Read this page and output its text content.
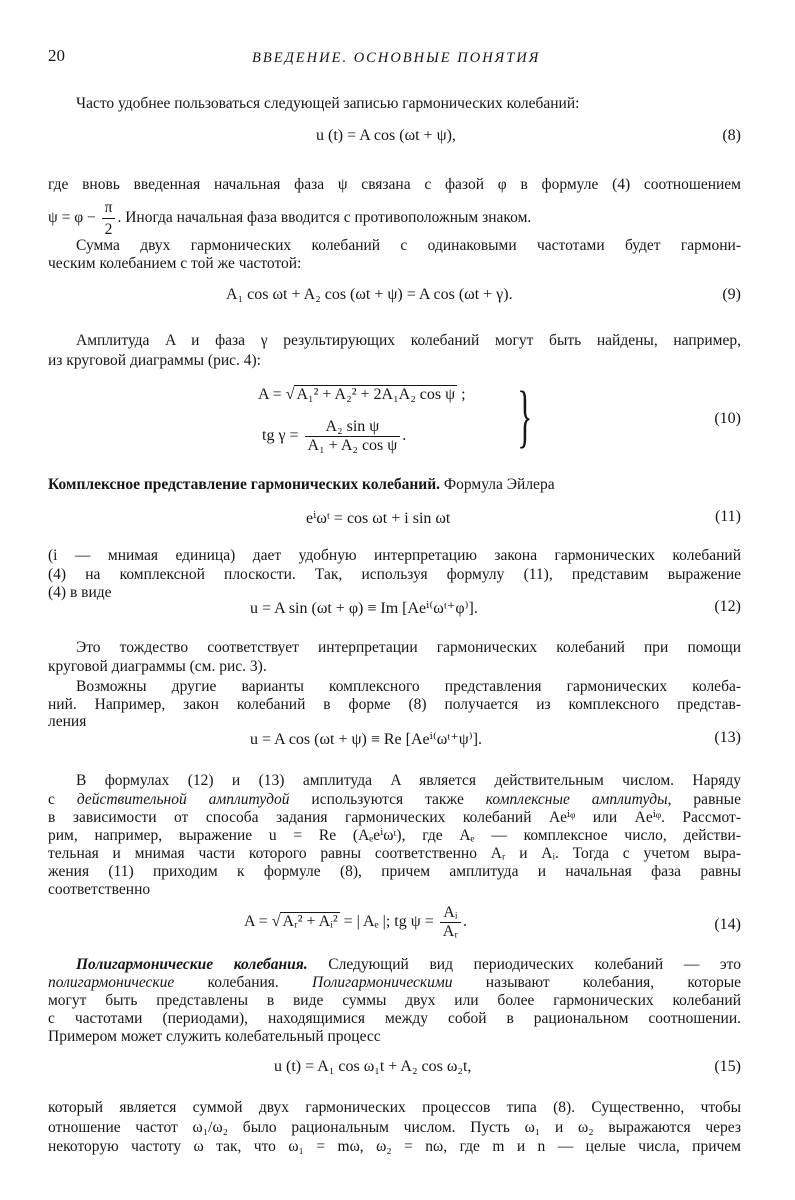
20	ВВЕДЕНИЕ. ОСНОВНЫЕ ПОНЯТИЯ
Часто удобнее пользоваться следующей записью гармонических колебаний:
u (t) = A cos (ωt + ψ),	(8)
где вновь введенная начальная фаза ψ связана с фазой φ в формуле (4) соотношением
$\psi = \varphi - \frac{\pi}{2}$ . Иногда начальная фаза вводится с противоположным знаком.
Сумма двух гармонических колебаний с одинаковыми частотами будет гармони-
ческим колебанием с той же частотой:
A₁ cos ωt + A₂ cos (ωt + ψ) = A cos (ωt + γ).	(9)
Амплитуда A и фаза γ результирующих колебаний могут быть найдены, например,
из круговой диаграммы (рис. 4):
A = √ A₁² + A₂² + 2A₁A₂ cos ψ ;
tg $\gamma = \frac{\text{A₂ sin ψ}}{\text{A₁ + A₂ cos ψ}}$ . }	(10)
Комплексное представление гармонических колебаний. Формула Эйлера
eⁱωᵗ = cos ωt + i sin ωt	(11)
(i — мнимая единица) дает удобную интерпретацию закона гармонических колебаний
(4) на комплексной плоскости. Так, используя формулу (11), представим выражение
(4) в виде
u = A sin (ωt + φ) ≡ Im [Aeⁱ⁽ωᵗ⁺φ⁾].	(12)
Это тождество соответствует интерпретации гармонических колебаний при помощи
круговой диаграммы (см. рис. 3).
Возможны другие варианты комплексного представления гармонических колеба-
ний. Например, закон колебаний в форме (8) получается из комплексного представ-
ления
u = A cos (ωt + ψ) ≡ Re [Aeⁱ⁽ωᵗ⁺ψ⁾].	(13)
В формулах (12) и (13) амплитуда A является действительным числом. Наряду
с действительной амплитудой используются также комплексные амплитуды, равные
в зависимости от способа задания гармонических колебаний Aeⁱᵠ или Aeⁱᵠ. Рассмот-
рим, например, выражение u = Re (Aₑeⁱωᵗ), где Aₑ — комплексное число, действи-
тельная и мнимая части которого равны соответственно Aᵣ и Aᵢ. Тогда с учетом выра-
жения (11) приходим к формуле (8), причем амплитуда и начальная фаза равны
соответственно
A = √ Aᵣ² + Aᵢ² = | Aₑ |; tg $\psi = \frac{\text{Aᵢ}}{\text{Aᵣ}}$ .	(14)
Полигармонические колебания. Следующий вид периодических колебаний — это
полигармонические колебания. Полигармоническими называют колебания, которые
могут быть представлены в виде суммы двух или более гармонических колебаний
с частотами (периодами), находящимися между собой в рациональном соотношении.
Примером может служить колебательный процесс
u (t) = A₁ cos ω₁t + A₂ cos ω₂t,	(15)
который является суммой двух гармонических процессов типа (8). Существенно, чтобы
отношение частот ω₁/ω₂ было рациональным числом. Пусть ω₁ и ω₂ выражаются через
некоторую частоту ω так, что ω₁ = mω, ω₂ = nω, где m и n — целые числа, причем
